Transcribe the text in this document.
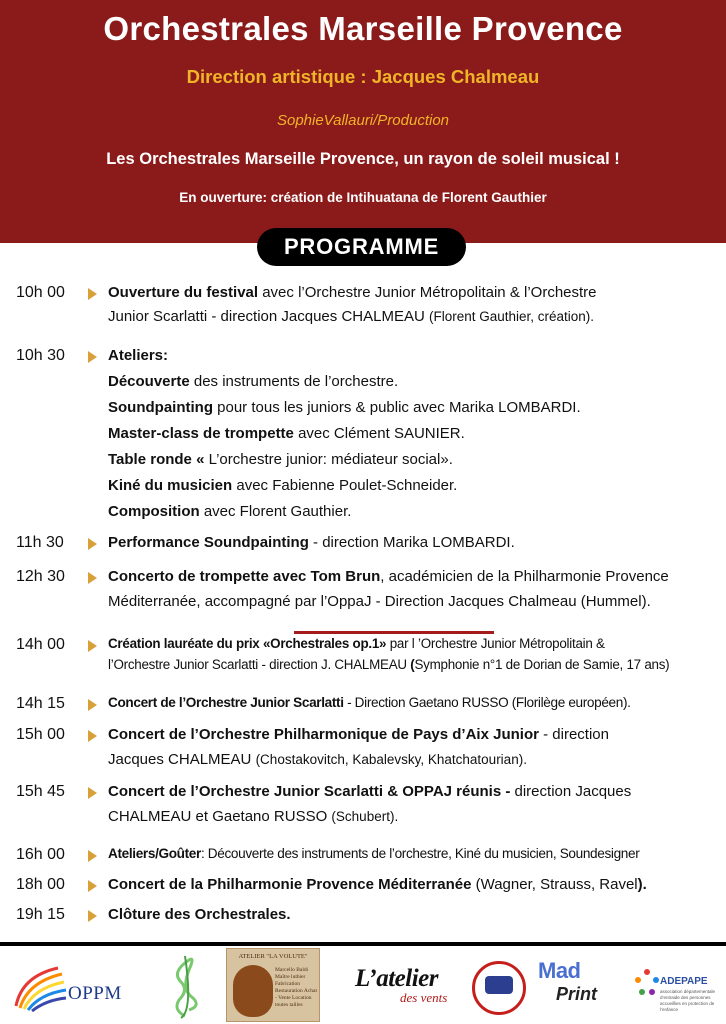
Orchestrales Marseille Provence
Direction artistique : Jacques Chalmeau
SophieVallauri/Production
Les Orchestrales Marseille Provence, un rayon de soleil musical !
En ouverture: création de Intihuatana de Florent Gauthier
PROGRAMME
10h 00	Ouverture du festival avec l’Orchestre Junior Métropolitain & l’Orchestre
Junior Scarlatti - direction Jacques CHALMEAU (Florent Gauthier, création).
10h 30	Ateliers:
Découverte des instruments de l’orchestre.
Soundpainting pour tous les juniors & public avec Marika LOMBARDI.
Master-class de trompette avec Clément SAUNIER.
Table ronde « L’orchestre junior: médiateur social».
Kiné du musicien avec Fabienne Poulet-Schneider.
Composition avec Florent Gauthier.
11h 30	Performance Soundpainting - direction Marika LOMBARDI.
12h 30	Concerto de trompette avec Tom Brun, académicien de la Philharmonie Provence
Méditerranée, accompagné par l’OppaJ - Direction Jacques Chalmeau (Hummel).
14h 00	Création lauréate du prix «Orchestrales op.1» par l ’Orchestre Junior Métropolitain &
l’Orchestre Junior Scarlatti - direction J. CHALMEAU (Symphonie n°1 de Dorian de Samie, 17 ans)
14h 15	Concert de l’Orchestre Junior Scarlatti - Direction Gaetano RUSSO (Florilège européen).
15h 00	Concert de l’Orchestre Philharmonique de Pays d’Aix Junior - direction
Jacques CHALMEAU (Chostakovitch, Kabalevsky, Khatchatourian).
15h 45	Concert de l’Orchestre Junior Scarlatti & OPPAJ réunis - direction Jacques
CHALMEAU et Gaetano RUSSO (Schubert).
16h 00	Ateliers/Goûter: Découverte des instruments de l’orchestre, Kiné du musicien, Soundesigner
18h 00	Concert de la Philharmonie Provence Méditerranée (Wagner, Strauss, Ravel).
19h 15	Clôture des Orchestrales.
OPPM
ATELIER "LA VOLUTE"
Marcello Baldi Maître luthier Fabrication Restauration Achat - Vente Location toutes tailles
L’atelier
des vents
Mad
Print
ADEPAPE
association départementale d’entraide des personnes accueillies en protection de l’enfance
